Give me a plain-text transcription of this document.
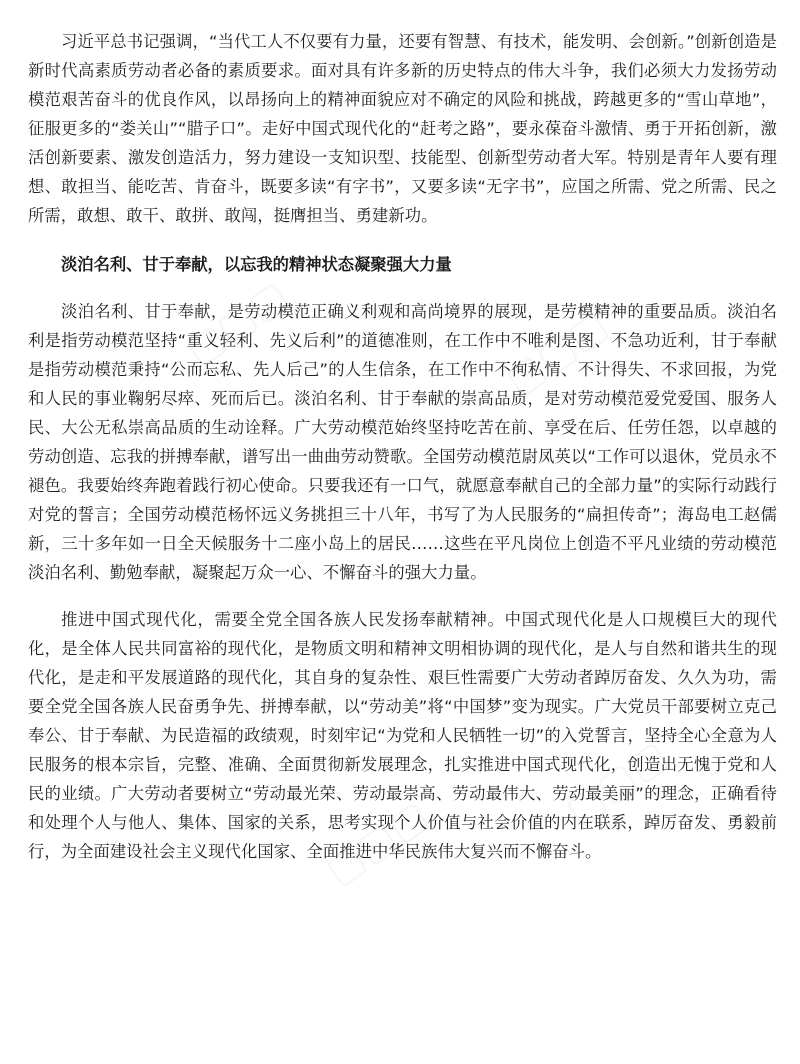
习近平总书记强调，“当代工人不仅要有力量，还要有智慧、有技术，能发明、会创新。”创新创造是新时代高素质劳动者必备的素质要求。面对具有许多新的历史特点的伟大斗争，我们必须大力发扬劳动模范艰苦奋斗的优良作风，以昂扬向上的精神面貌应对不确定的风险和挑战，跨越更多的“雪山草地”，征服更多的“娄关山”“腊子口”。走好中国式现代化的“赶考之路”，要永葆奋斗激情、勇于开拓创新，激活创新要素、激发创造活力，努力建设一支知识型、技能型、创新型劳动者大军。特别是青年人要有理想、敢担当、能吃苦、肯奋斗，既要多读“有字书”，又要多读“无字书”，应国之所需、党之所需、民之所需，敢想、敢干、敢拼、敢闯，挺膺担当、勇建新功。

淡泊名利、甘于奉献，以忘我的精神状态凝聚强大力量

淡泊名利、甘于奉献，是劳动模范正确义利观和高尚境界的展现，是劳模精神的重要品质。淡泊名利是指劳动模范坚持“重义轻利、先义后利”的道德准则，在工作中不唯利是图、不急功近利，甘于奉献是指劳动模范秉持“公而忘私、先人后己”的人生信条，在工作中不徇私情、不计得失、不求回报，为党和人民的事业鞠躬尽瘁、死而后已。淡泊名利、甘于奉献的崇高品质，是对劳动模范爱党爱国、服务人民、大公无私崇高品质的生动诠释。广大劳动模范始终坚持吃苦在前、享受在后、任劳任怨，以卓越的劳动创造、忘我的拼搏奉献，谱写出一曲曲劳动赞歌。全国劳动模范尉凤英以“工作可以退休，党员永不褪色。我要始终奔跑着践行初心使命。只要我还有一口气，就愿意奉献自己的全部力量”的实际行动践行对党的誓言；全国劳动模范杨怀远义务挑担三十八年，书写了为人民服务的“扁担传奇”；海岛电工赵儒新，三十多年如一日全天候服务十二座小岛上的居民……这些在平凡岗位上创造不平凡业绩的劳动模范淡泊名利、勤勉奉献，凝聚起万众一心、不懈奋斗的强大力量。

推进中国式现代化，需要全党全国各族人民发扬奉献精神。中国式现代化是人口规模巨大的现代化，是全体人民共同富裕的现代化，是物质文明和精神文明相协调的现代化，是人与自然和谐共生的现代化，是走和平发展道路的现代化，其自身的复杂性、艰巨性需要广大劳动者踔厉奋发、久久为功，需要全党全国各族人民奋勇争先、拼搏奉献，以“劳动美”将“中国梦”变为现实。广大党员干部要树立克己奉公、甘于奉献、为民造福的政绩观，时刻牢记“为党和人民牺牲一切”的入党誓言，坚持全心全意为人民服务的根本宗旨，完整、准确、全面贯彻新发展理念，扎实推进中国式现代化，创造出无愧于党和人民的业绩。广大劳动者要树立“劳动最光荣、劳动最崇高、劳动最伟大、劳动最美丽”的理念，正确看待和处理个人与他人、集体、国家的关系，思考实现个人价值与社会价值的内在联系，踔厉奋发、勇毅前行，为全面建设社会主义现代化国家、全面推进中华民族伟大复兴而不懈奋斗。
